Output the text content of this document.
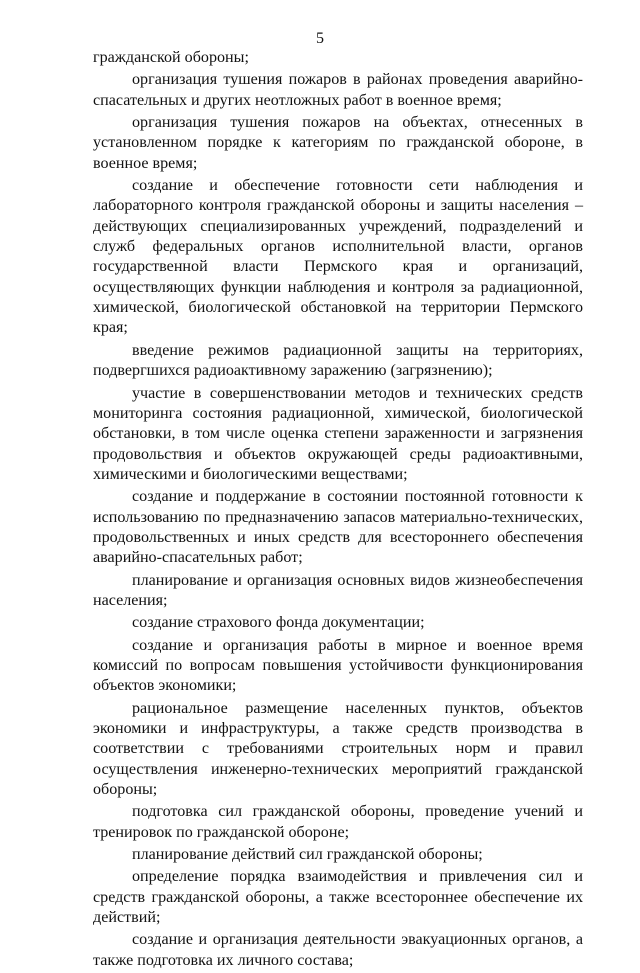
5

гражданской обороны;

организация тушения пожаров в районах проведения аварийно-спасательных и других неотложных работ в военное время;

организация тушения пожаров на объектах, отнесенных в установленном порядке к категориям по гражданской обороне, в военное время;

создание и обеспечение готовности сети наблюдения и лабораторного контроля гражданской обороны и защиты населения – действующих специализированных учреждений, подразделений и служб федеральных органов исполнительной власти, органов государственной власти Пермского края и организаций, осуществляющих функции наблюдения и контроля за радиационной, химической, биологической обстановкой на территории Пермского края;

введение режимов радиационной защиты на территориях, подвергшихся радиоактивному заражению (загрязнению);

участие в совершенствовании методов и технических средств мониторинга состояния радиационной, химической, биологической обстановки, в том числе оценка степени зараженности и загрязнения продовольствия и объектов окружающей среды радиоактивными, химическими и биологическими веществами;

создание и поддержание в состоянии постоянной готовности к использованию по предназначению запасов материально-технических, продовольственных и иных средств для всестороннего обеспечения аварийно-спасательных работ;

планирование и организация основных видов жизнеобеспечения населения;

создание страхового фонда документации;

создание и организация работы в мирное и военное время комиссий по вопросам повышения устойчивости функционирования объектов экономики;

рациональное размещение населенных пунктов, объектов экономики и инфраструктуры, а также средств производства в соответствии с требованиями строительных норм и правил осуществления инженерно-технических мероприятий гражданской обороны;

подготовка сил гражданской обороны, проведение учений и тренировок по гражданской обороне;

планирование действий сил гражданской обороны;

определение порядка взаимодействия и привлечения сил и средств гражданской обороны, а также всестороннее обеспечение их действий;

создание и организация деятельности эвакуационных органов, а также подготовка их личного состава;
